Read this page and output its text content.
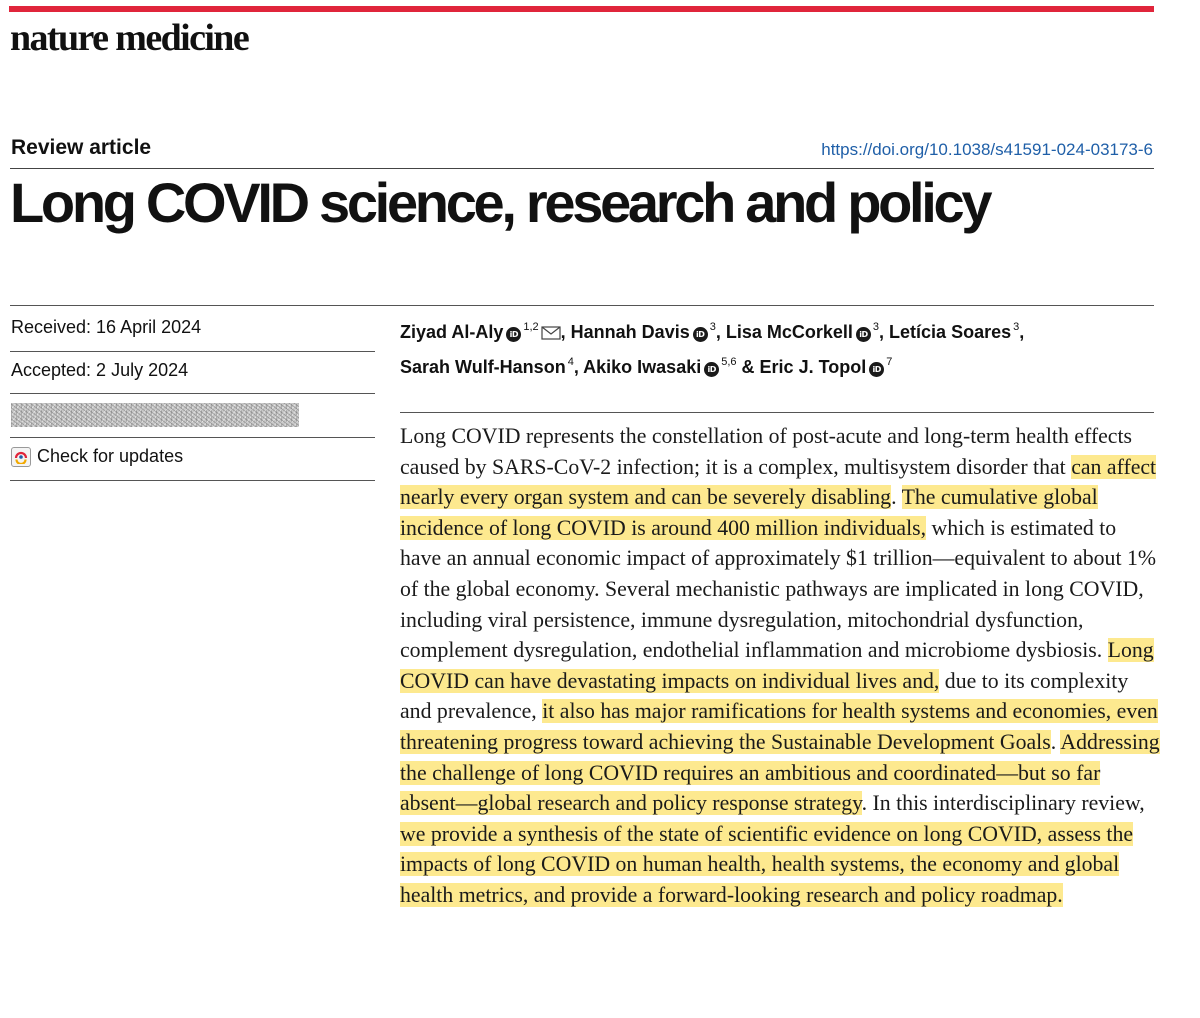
nature medicine

Review article	https://doi.org/10.1038/s41591-024-03173-6
Long COVID science, research and policy

Received: 16 April 2024

Accepted: 2 July 2024

Check for updates

Ziyad Al-Aly iD$^{1,2}$ , Hannah Davis iD$^3$, Lisa McCorkell iD$^3$, Letícia Soares $^3$, Sarah Wulf-Hanson $^4$, Akiko Iwasaki iD$^{5,6}$ & Eric J. Topol iD$^7$

Long COVID represents the constellation of post-acute and long-term health effects caused by SARS-CoV-2 infection; it is a complex, multisystem disorder that can affect nearly every organ system and can be severely disabling. The cumulative global incidence of long COVID is around 400 million individuals, which is estimated to have an annual economic impact of approximately $1 trillion—equivalent to about 1% of the global economy. Several mechanistic pathways are implicated in long COVID, including viral persistence, immune dysregulation, mitochondrial dysfunction, complement dysregulation, endothelial inflammation and microbiome dysbiosis. Long COVID can have devastating impacts on individual lives and, due to its complexity and prevalence, it also has major ramifications for health systems and economies, even threatening progress toward achieving the Sustainable Development Goals. Addressing the challenge of long COVID requires an ambitious and coordinated—but so far absent—global research and policy response strategy. In this interdisciplinary review, we provide a synthesis of the state of scientific evidence on long COVID, assess the impacts of long COVID on human health, health systems, the economy and global health metrics, and provide a forward-looking research and policy roadmap.
